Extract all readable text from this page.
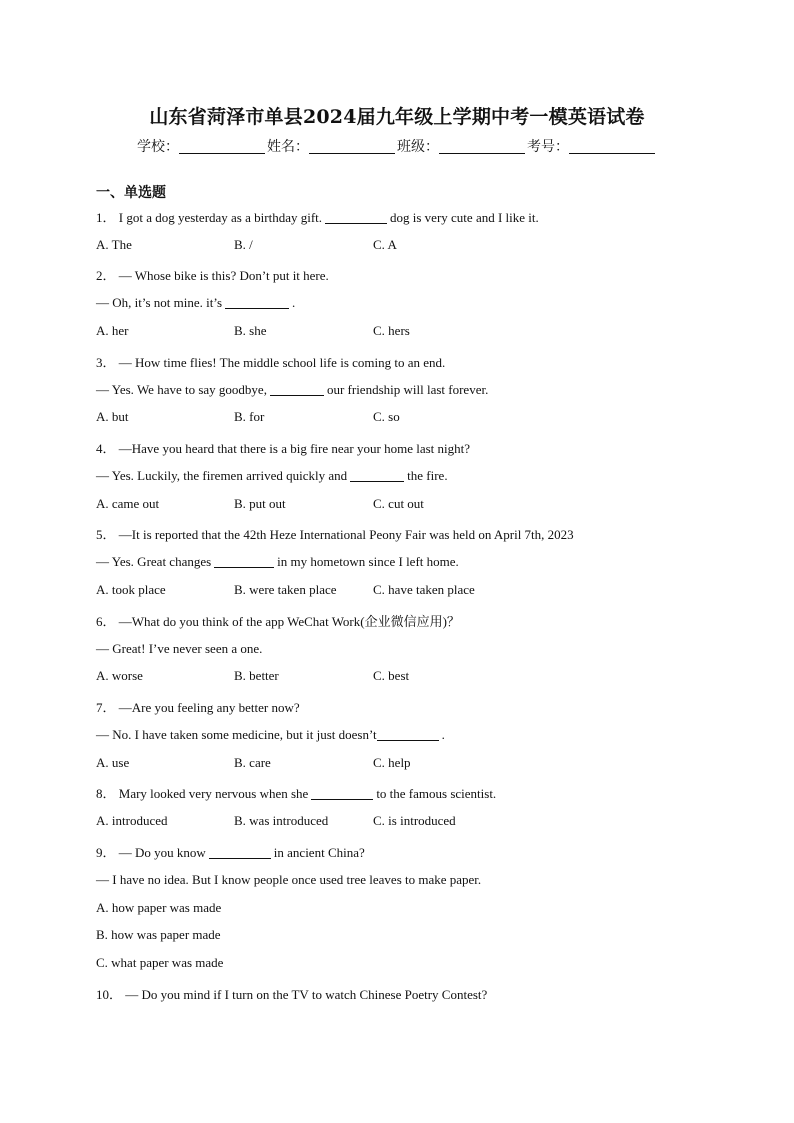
山东省菏泽市单县2024届九年级上学期中考一模英语试卷
学校：	姓名：	班级：	考号：
一、单选题
1． I got a dog yesterday as a birthday gift.	dog is very cute and I like it.
A. The	B. /	C. A
2． — Whose bike is this? Don’t put it here.
— Oh, it’s not mine. it’s	.
A. her	B. she	C. hers
3． — How time flies! The middle school life is coming to an end.
— Yes. We have to say goodbye,	our friendship will last forever.
A. but	B. for	C. so
4． —Have you heard that there is a big fire near your home last night?
— Yes. Luckily, the firemen arrived quickly and	the fire.
A. came out	B. put out	C. cut out
5． —It is reported that the 42th Heze International Peony Fair was held on April 7th, 2023
— Yes. Great changes	in my hometown since I left home.
A. took place	B. were taken place	C. have taken place
6． —What do you think of the app WeChat Work(企业微信应用)？
— Great! I’ve never seen a one.
A. worse	B. better	C. best
7． —Are you feeling any better now?
— No. I have taken some medicine, but it just doesn’t	.
A. use	B. care	C. help
8． Mary looked very nervous when she	to the famous scientist.
A. introduced	B. was introduced	C. is introduced
9． — Do you know	in ancient China?
— I have no idea. But I know people once used tree leaves to make paper.
A. how paper was made
B. how was paper made
C. what paper was made
10． — Do you mind if I turn on the TV to watch Chinese Poetry Contest?
